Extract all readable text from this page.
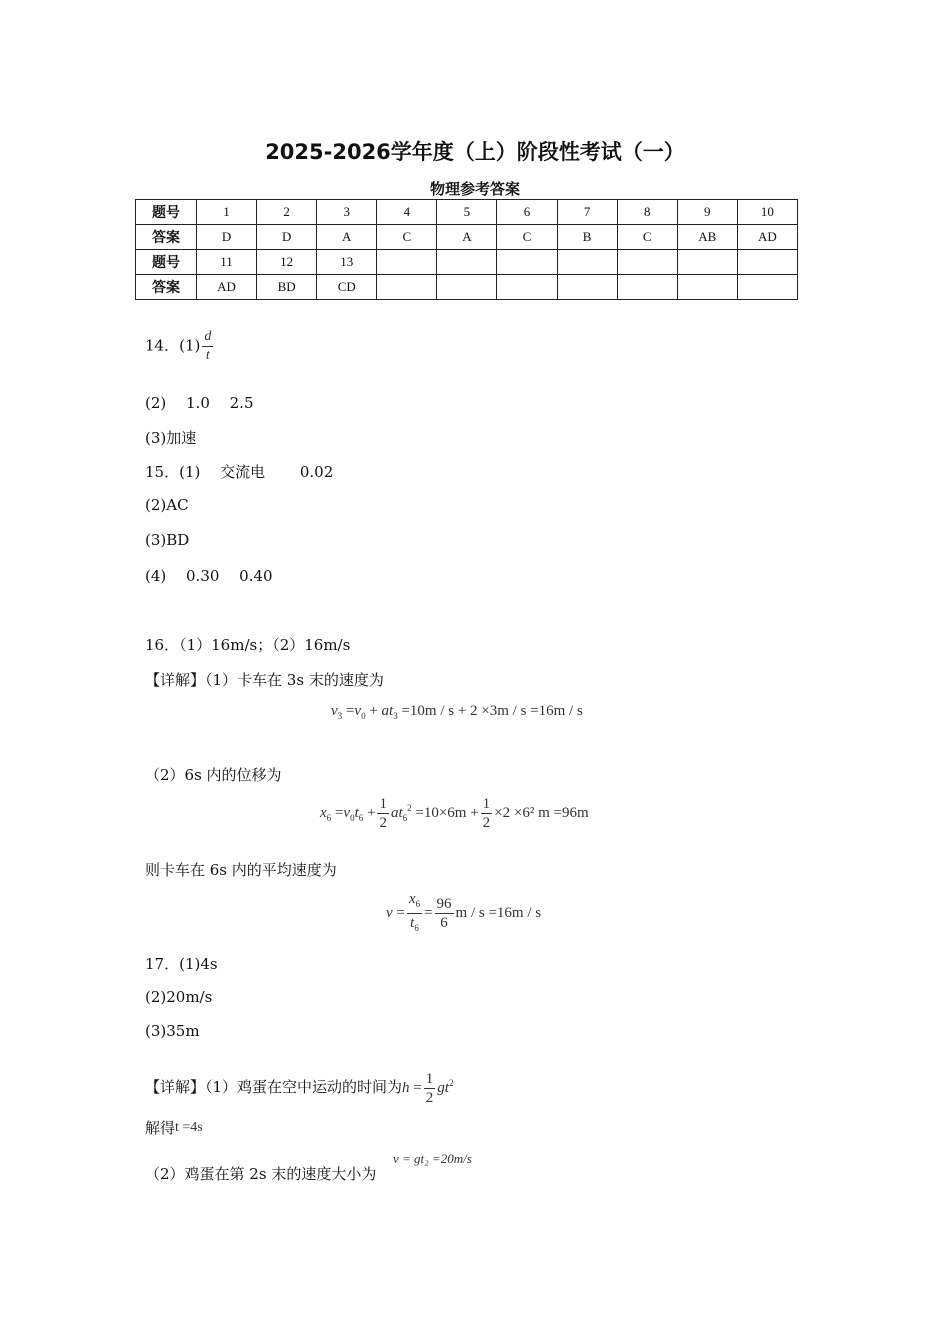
2025-2026学年度（上）阶段性考试（一）
物理参考答案
题号	1	2	3	4	5	6	7	8	9	10
答案	D	D	A	C	A	C	B	C	AB	AD
题号	11	12	13							
答案	AD	BD	CD							
14．$(1) \frac{d}{t}$
(2)　 1.0　 2.5
(3)加速
15．(1)　 交流电　　 0.02
(2)AC
(3)BD
(4)　 0.30　 0.40
16．（1）16m/s；（2）16m/s
【详解】（1）卡车在 3s 末的速度为
$v_3 =v_0 + at_3 =10m / s + 2 \times 3m / s =16m / s$
（2）6s 内的位移为
$x_6 =v_0t_6 + \frac{1}{2} at_6^2 =10\times 6m + \frac{1}{2} \times 2 \times 6^2$ m =96m
则卡车在 6s 内的平均速度为
$v = \frac{x_6}{t_6} = \frac{96}{6}$ m / s =16m / s
17．(1)4s
(2)20m/s
(3)35m
【详解】（1）鸡蛋在空中运动的时间为$h = \frac{1}{2} gt^2$
解得t =4s
v = gt₂ =20m/s
（2）鸡蛋在第 2s 末的速度大小为
